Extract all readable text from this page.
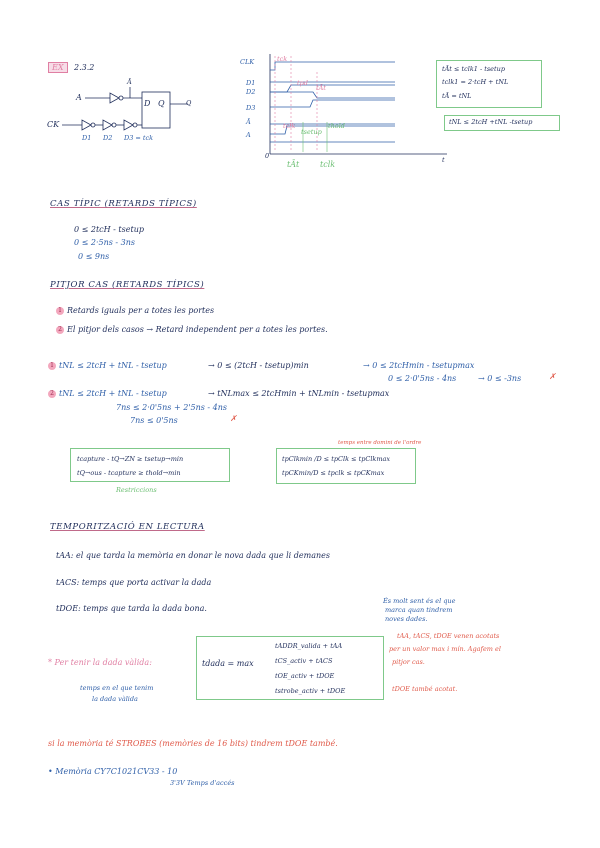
EX	2.3.2
Ā
A
CK
D Q	Q
D1 D2 D3 = tck
CLK
D1
D2
D3
Ā
A
tck
tpd
tĀt
tclk
tsetup
thold
0	t
tĀt	tclk
tĀt ≤ tclk1 - tsetup
tclk1 = 2·tcH + tNL
tĀ = tNL
tNL ≤ 2tcH +tNL -tsetup
CAS TÍPIC (RETARDS TÍPICS)
0 ≤ 2tcH - tsetup
0 ≤ 2·5ns - 3ns
0 ≤ 9ns
PITJOR CAS (RETARDS TÍPICS)
1 Retards iguals per a totes les portes
2 El pitjor dels casos → Retard independent per a totes les portes.
1 tNL ≤ 2tcH + tNL - tsetup	→ 0 ≤ (2tcH - tsetup)min	→ 0 ≤ 2tcHmin - tsetupmax
0 ≤ 2·0'5ns - 4ns	→ 0 ≤ -3ns	✗
2 tNL ≤ 2tcH + tNL - tsetup	→ tNLmax ≤ 2tcHmin + tNLmin - tsetupmax
7ns ≤ 2·0'5ns + 2'5ns - 4ns
7ns ≤ 0'5ns	✗
tcapture - tQ→ZN ≥ tsetup→min
tQ→ous - tcapture ≥ thold→min
Restriccions
temps entre domini de l'ordre
tpClkmin /D ≤ tpClk ≤ tpClkmax
tpCKmin/D ≤ tpclk ≤ tpCKmax
TEMPORITZACIÓ EN LECTURA
tAA: el que tarda la memòria en donar le nova dada que li demanes
tACS: temps que porta activar la dada
tDOE: temps que tarda la dada bona.
És molt sent és el que
marca quan tindrem
noves dades.
* Per tenir la dada vàlida:
temps en el que tenim
la dada vàlida
tdada = max
tADDR_valida + tAA
tCS_activ + tACS
tOE_activ + tDOE
tstrobe_activ + tDOE
tAA, tACS, tDOE venen acotats
per un valor max i mín. Agafem el
pitjor cas.
tDOE també acotat.
si la memòria té STROBES (memòries de 16 bits) tindrem tDOE també.
• Memòria CY7C1021CV33 - 10
3'3V Temps d'accés
